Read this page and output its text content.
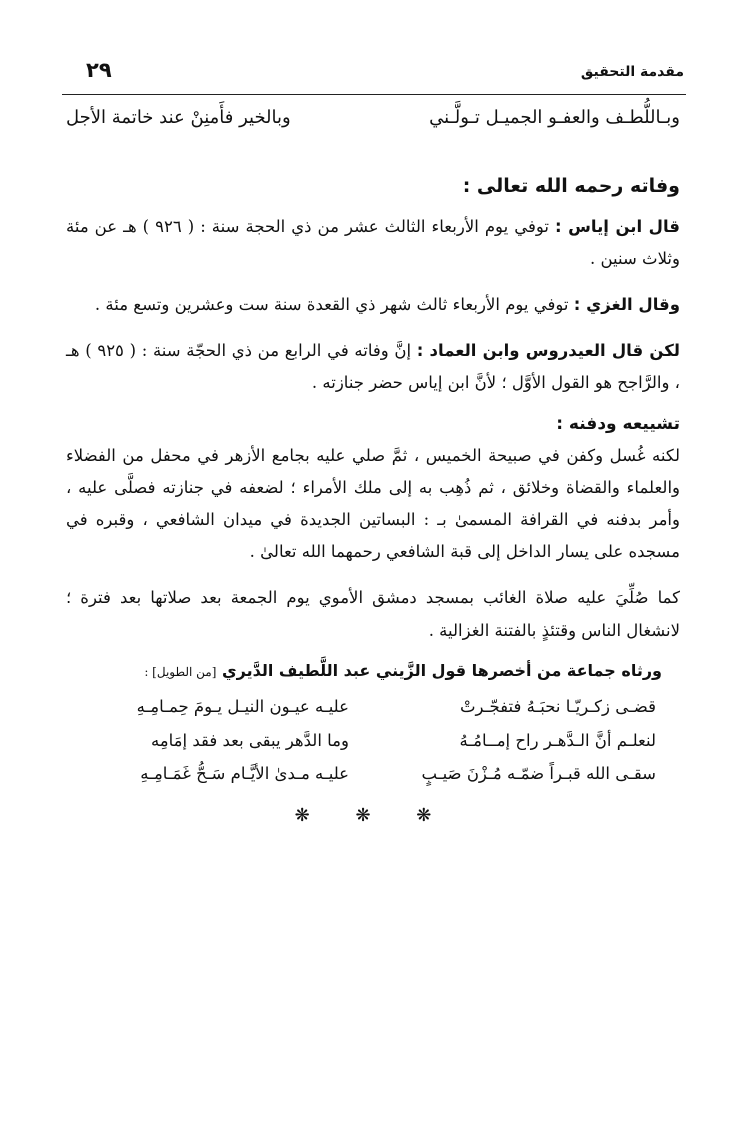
مقدمة التحقيق
٢٩
وبـاللُّطـف والعفـو الجميـل تـولَّـني
وبالخير فأَمنِنْ عند خاتمة الأجل
وفاته رحمه الله تعالى :

قال ابن إياس : توفي يوم الأربعاء الثالث عشر من ذي الحجة سنة : ( ٩٢٦ ) هـ عن مئة وثلاث سنين .

وقال الغزي : توفي يوم الأربعاء ثالث شهر ذي القعدة سنة ست وعشرين وتسع مئة .

لكن قال العيدروس وابن العماد : إنَّ وفاته في الرابع من ذي الحجّة سنة : ( ٩٢٥ ) هـ ، والرَّاجح هو القول الأوَّل ؛ لأنَّ ابن إياس حضر جنازته .

تشييعه ودفنه :

لكنه غُسل وكفن في صبيحة الخميس ، ثمَّ صلي عليه بجامع الأزهر في محفل من الفضلاء والعلماء والقضاة وخلائق ، ثم ذُهِب به إلى ملك الأمراء ؛ لضعفه في جنازته فصلَّى عليه ، وأمر بدفنه في القرافة المسمىٰ بـ : البساتين الجديدة في ميدان الشافعي ، وقبره في مسجده على يسار الداخل إلى قبة الشافعي رحمهما الله تعالىٰ .

كما صُلِّيَ عليه صلاة الغائب بمسجد دمشق الأموي يوم الجمعة بعد صلاتها بعد فترة ؛ لانشغال الناس وقتئذٍ بالفتنة الغزالية .

ورثاه جماعة من أخصرها قول الزَّيني عبد اللَّطيف الدَّيري [من الطويل] :
قضـى زكـريّـا نحبَـهُ فتفجّـرتْ
عليـه عيـون النيـل يـومَ حِمـامِـهِ
لنعلـم أنَّ الـدَّهـر راح إمــامُـهُ
وما الدَّهر يبقى بعد فقد إمَامِه
سقـى الله قبـراً ضمّـه مُـزْنَ صَيـبٍ
عليـه مـدىٰ الأيَّـام سَـحُّ غَمَـامِـهِ
❋ ❋ ❋
